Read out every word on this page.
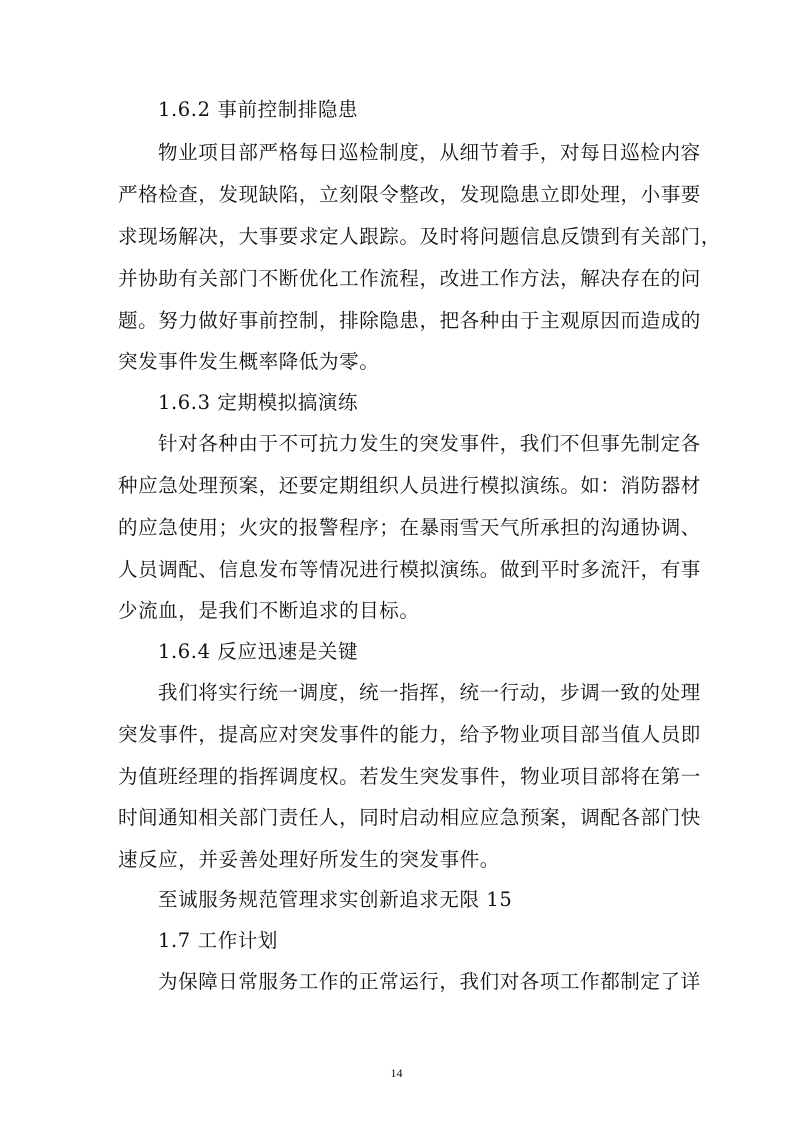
1.6.2 事前控制排隐患
物业项目部严格每日巡检制度，从细节着手，对每日巡检内容
严格检查，发现缺陷，立刻限令整改，发现隐患立即处理，小事要
求现场解决，大事要求定人跟踪。及时将问题信息反馈到有关部门，
并协助有关部门不断优化工作流程，改进工作方法，解决存在的问
题。努力做好事前控制，排除隐患，把各种由于主观原因而造成的
突发事件发生概率降低为零。
1.6.3 定期模拟搞演练
针对各种由于不可抗力发生的突发事件，我们不但事先制定各
种应急处理预案，还要定期组织人员进行模拟演练。如：消防器材
的应急使用；火灾的报警程序；在暴雨雪天气所承担的沟通协调、
人员调配、信息发布等情况进行模拟演练。做到平时多流汗，有事
少流血，是我们不断追求的目标。
1.6.4 反应迅速是关键
我们将实行统一调度，统一指挥，统一行动，步调一致的处理
突发事件，提高应对突发事件的能力，给予物业项目部当值人员即
为值班经理的指挥调度权。若发生突发事件，物业项目部将在第一
时间通知相关部门责任人，同时启动相应应急预案，调配各部门快
速反应，并妥善处理好所发生的突发事件。
至诚服务规范管理求实创新追求无限 15
1.7 工作计划
为保障日常服务工作的正常运行，我们对各项工作都制定了详
14
